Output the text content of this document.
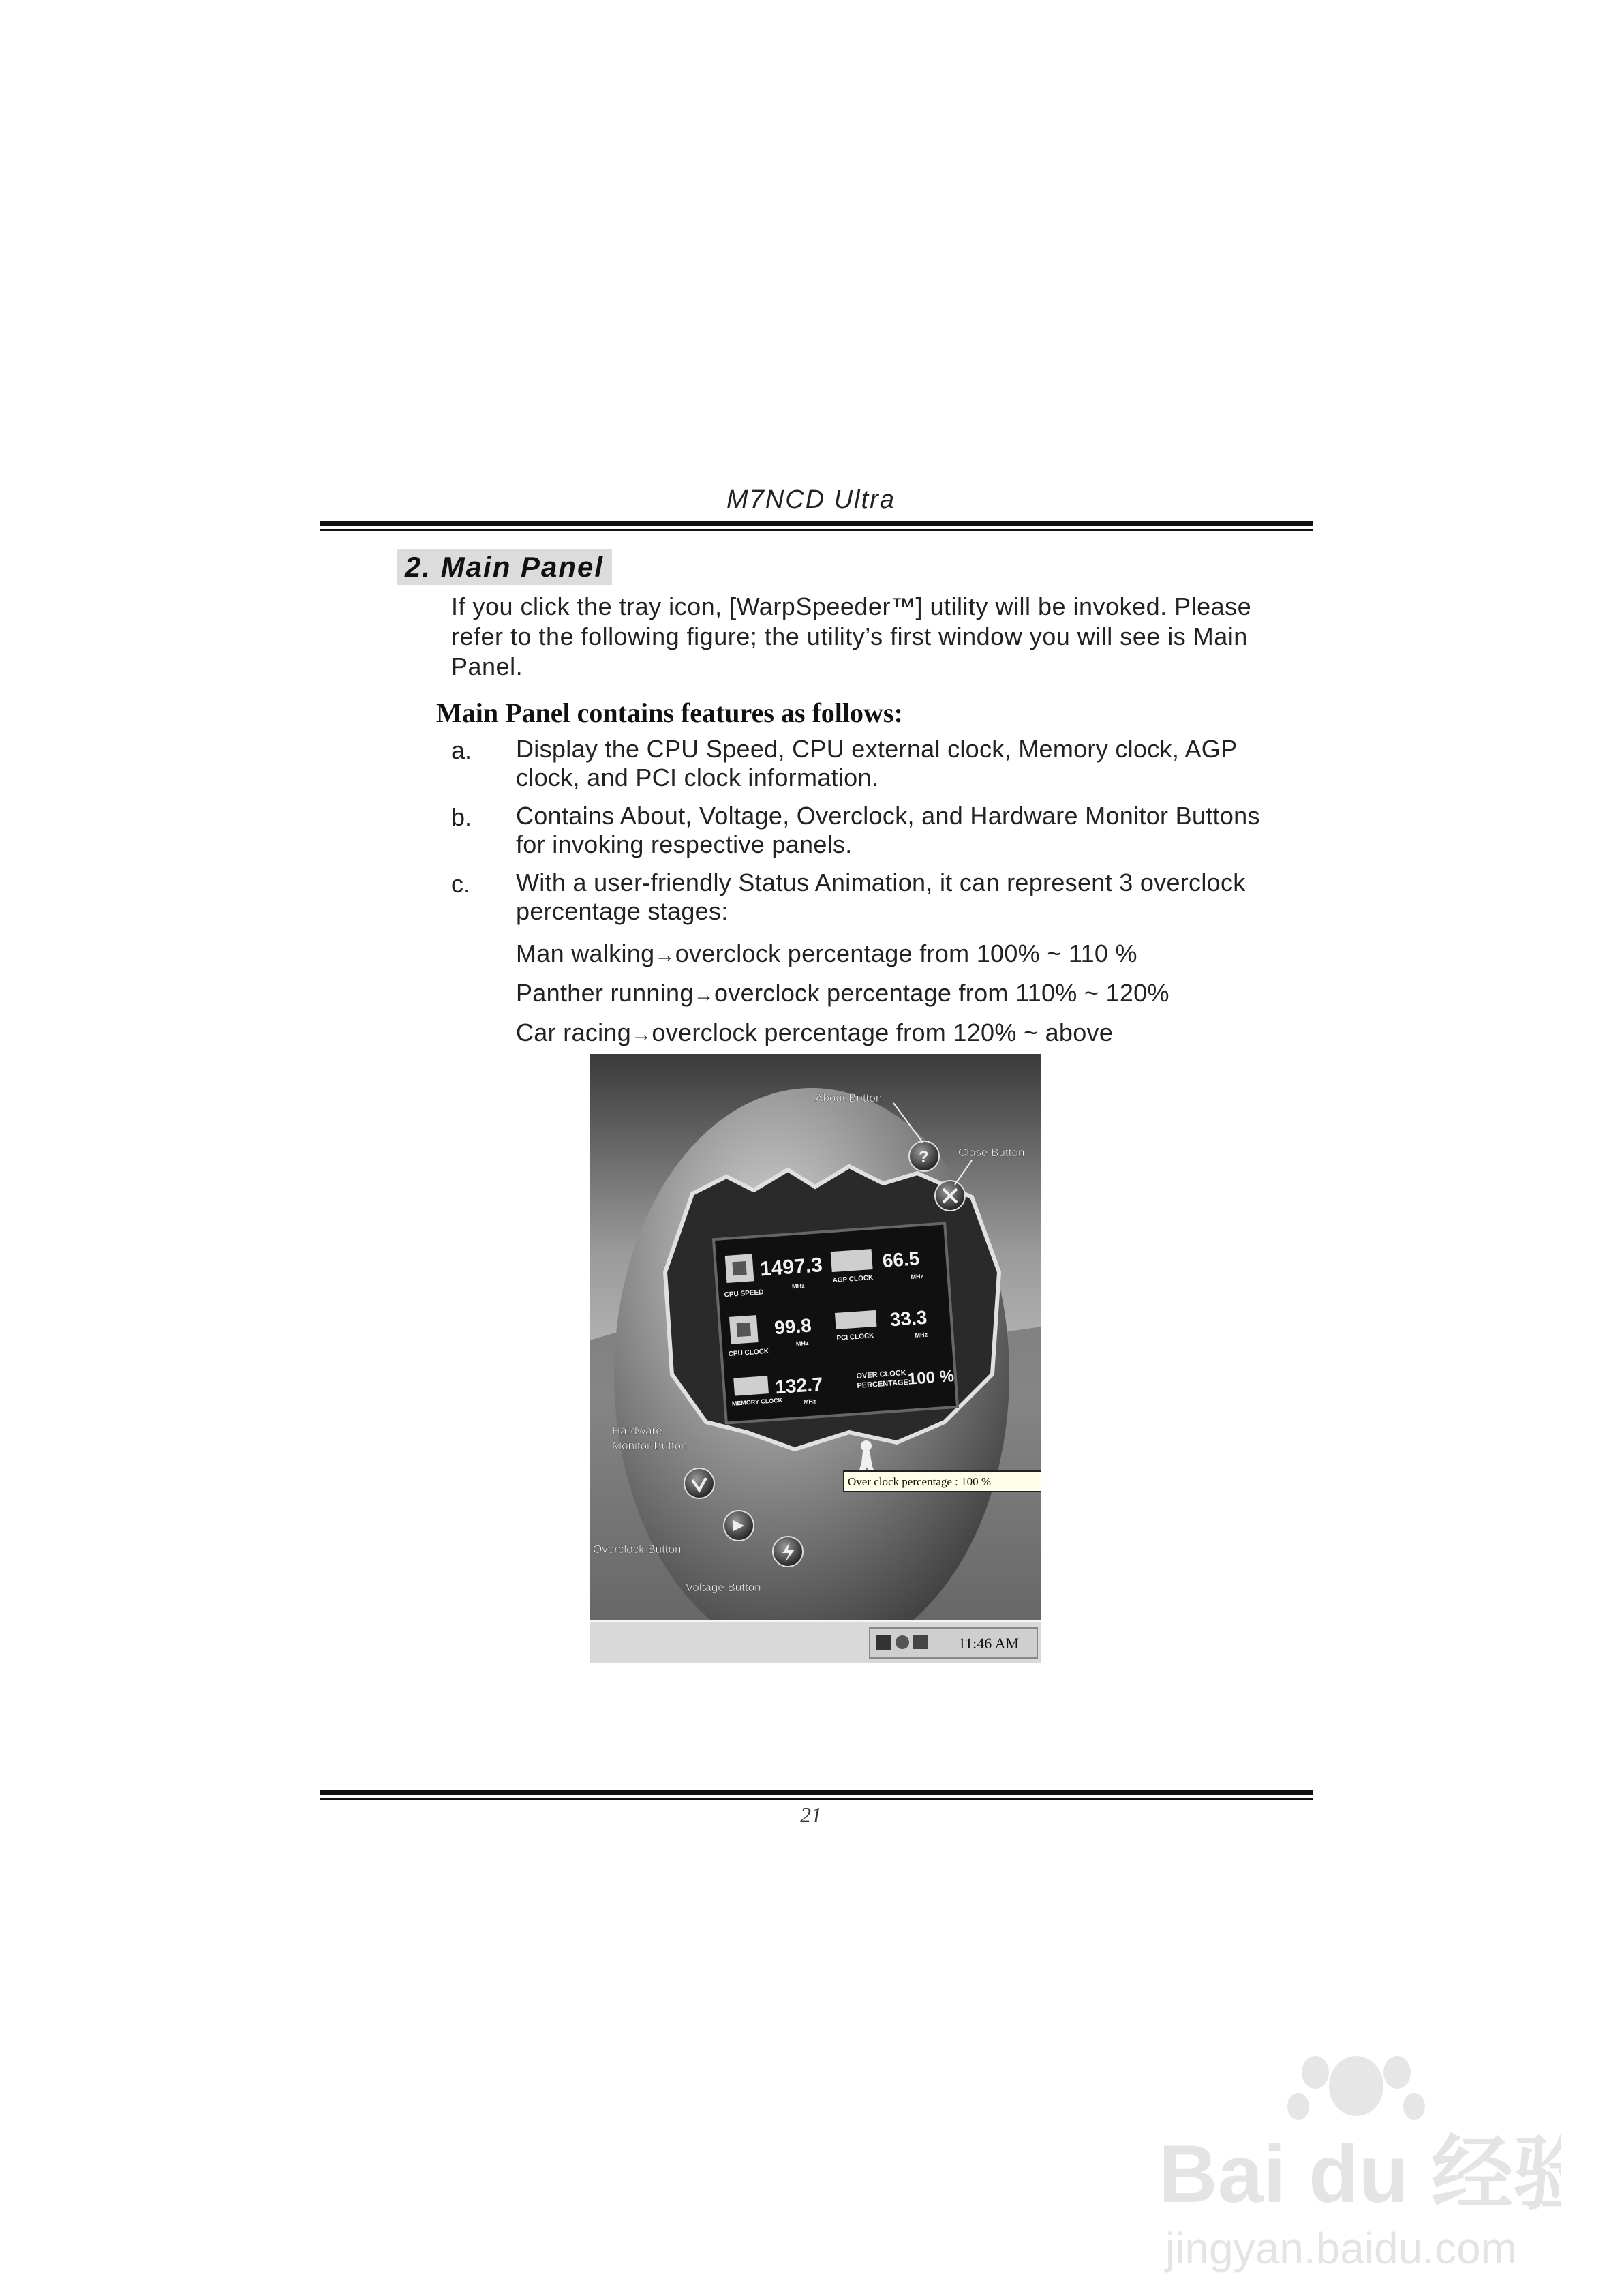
M7NCD Ultra
2. Main Panel
If you click the tray icon, [WarpSpeeder™] utility will be invoked. Please
refer to the following figure; the utility’s first window you will see is Main
Panel.
Main Panel contains features as follows:
a. Display the CPU Speed, CPU external clock, Memory clock, AGP
clock, and PCI clock information.
b. Contains About, Voltage, Overclock, and Hardware Monitor Buttons
for invoking respective panels.
c. With a user-friendly Status Animation, it can represent 3 overclock
percentage stages:
Man walking→overclock percentage from 100% ~ 110 %
Panther running→overclock percentage from 110% ~ 120%
Car racing→overclock percentage from 120% ~ above
1497.3
CPU SPEED
MHz
66.5
AGP CLOCK	MHz
99.8
CPU CLOCK
MHz
33.3
PCI CLOCK	MHz
132.7
MEMORY CLOCK	MHz
OVER CLOCK
PERCENTAGE:
100 %
Over clock percentage : 100 %
?
About Button
Close Button
Hardware
Monitor Button
Overclock Button
Voltage Button
11:46 AM
21
Bai du 经验
jingyan.baidu.com
